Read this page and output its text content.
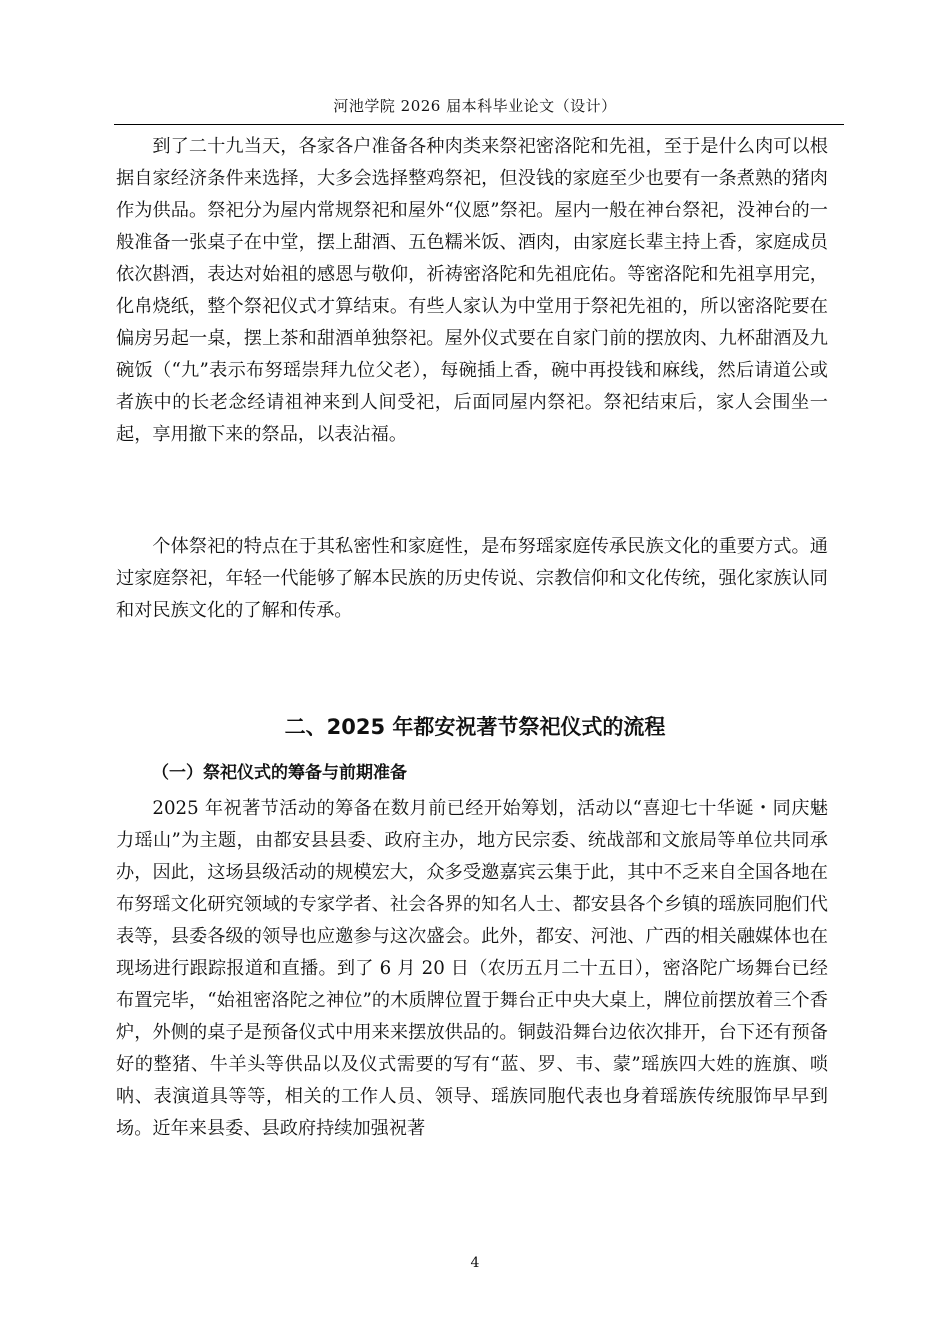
河池学院 2026 届本科毕业论文（设计）

到了二十九当天，各家各户准备各种肉类来祭祀密洛陀和先祖，至于是什么肉可以根据自家经济条件来选择，大多会选择整鸡祭祀，但没钱的家庭至少也要有一条煮熟的猪肉作为供品。祭祀分为屋内常规祭祀和屋外“仪愿”祭祀。屋内一般在神台祭祀，没神台的一般准备一张桌子在中堂，摆上甜酒、五色糯米饭、酒肉，由家庭长辈主持上香，家庭成员依次斟酒，表达对始祖的感恩与敬仰，祈祷密洛陀和先祖庇佑。等密洛陀和先祖享用完，化帛烧纸，整个祭祀仪式才算结束。有些人家认为中堂用于祭祀先祖的，所以密洛陀要在偏房另起一桌，摆上茶和甜酒单独祭祀。屋外仪式要在自家门前的摆放肉、九杯甜酒及九碗饭（“九”表示布努瑶崇拜九位父老），每碗插上香，碗中再投钱和麻线，然后请道公或者族中的长老念经请祖神来到人间受祀，后面同屋内祭祀。祭祀结束后，家人会围坐一起，享用撤下来的祭品，以表沾福。

个体祭祀的特点在于其私密性和家庭性，是布努瑶家庭传承民族文化的重要方式。通过家庭祭祀，年轻一代能够了解本民族的历史传说、宗教信仰和文化传统，强化家族认同和对民族文化的了解和传承。

二、2025 年都安祝著节祭祀仪式的流程
（一）祭祀仪式的筹备与前期准备

2025 年祝著节活动的筹备在数月前已经开始筹划，活动以“喜迎七十华诞・同庆魅力瑶山”为主题，由都安县县委、政府主办，地方民宗委、统战部和文旅局等单位共同承办，因此，这场县级活动的规模宏大，众多受邀嘉宾云集于此，其中不乏来自全国各地在布努瑶文化研究领域的专家学者、社会各界的知名人士、都安县各个乡镇的瑶族同胞们代表等，县委各级的领导也应邀参与这次盛会。此外，都安、河池、广西的相关融媒体也在现场进行跟踪报道和直播。到了 6 月 20 日（农历五月二十五日），密洛陀广场舞台已经布置完毕，“始祖密洛陀之神位”的木质牌位置于舞台正中央大桌上，牌位前摆放着三个香炉，外侧的桌子是预备仪式中用来来摆放供品的。铜鼓沿舞台边依次排开，台下还有预备好的整猪、牛羊头等供品以及仪式需要的写有“蓝、罗、韦、蒙”瑶族四大姓的旌旗、唢呐、表演道具等等，相关的工作人员、领导、瑶族同胞代表也身着瑶族传统服饰早早到场。近年来县委、县政府持续加强祝著

4
